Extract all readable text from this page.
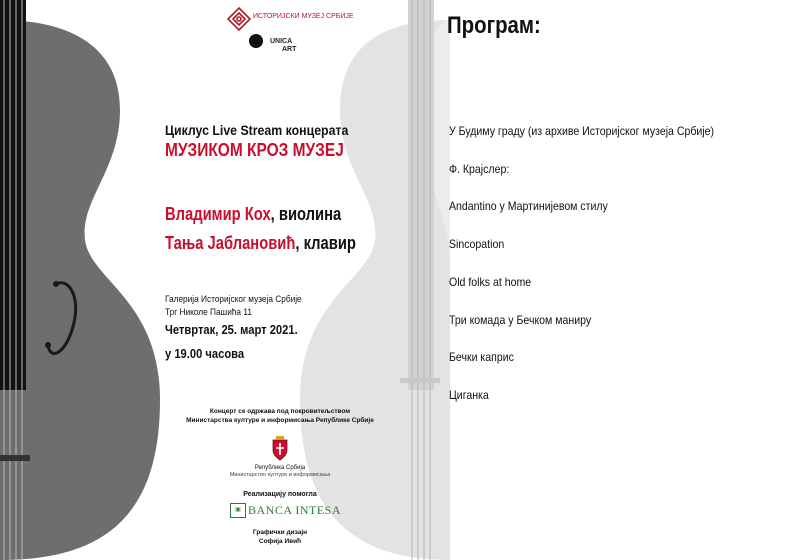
ИСТОРИЈСКИ МУЗЕЈ СРБИЈЕ
UNICA
ART
Циклус Live Stream концерата
МУЗИКОМ КРОЗ МУЗЕЈ
Владимир Кох, виолина
Тања Јаблановић, клавир
Галерија Историјског музеја Србије
Трг Николе Пашића 11
Четвртак, 25. март 2021.
у 19.00 часова
Концерт се одржава под покровитељством
Министарства културе и информисања Републике Србије
Република Србија
Министарство културе и информисања
Реализацију помогла
▣ BANCA INTESA
Графички дизајн
Софија Ивић
Програм:
У Будиму граду (из архиве Историјског музеја Србије)
Ф. Крајслер:
Andantino у Мартинијевом стилу
Sincopation
Old folks at home
Три комада у Бечком маниру
Бечки каприс
Циганка
